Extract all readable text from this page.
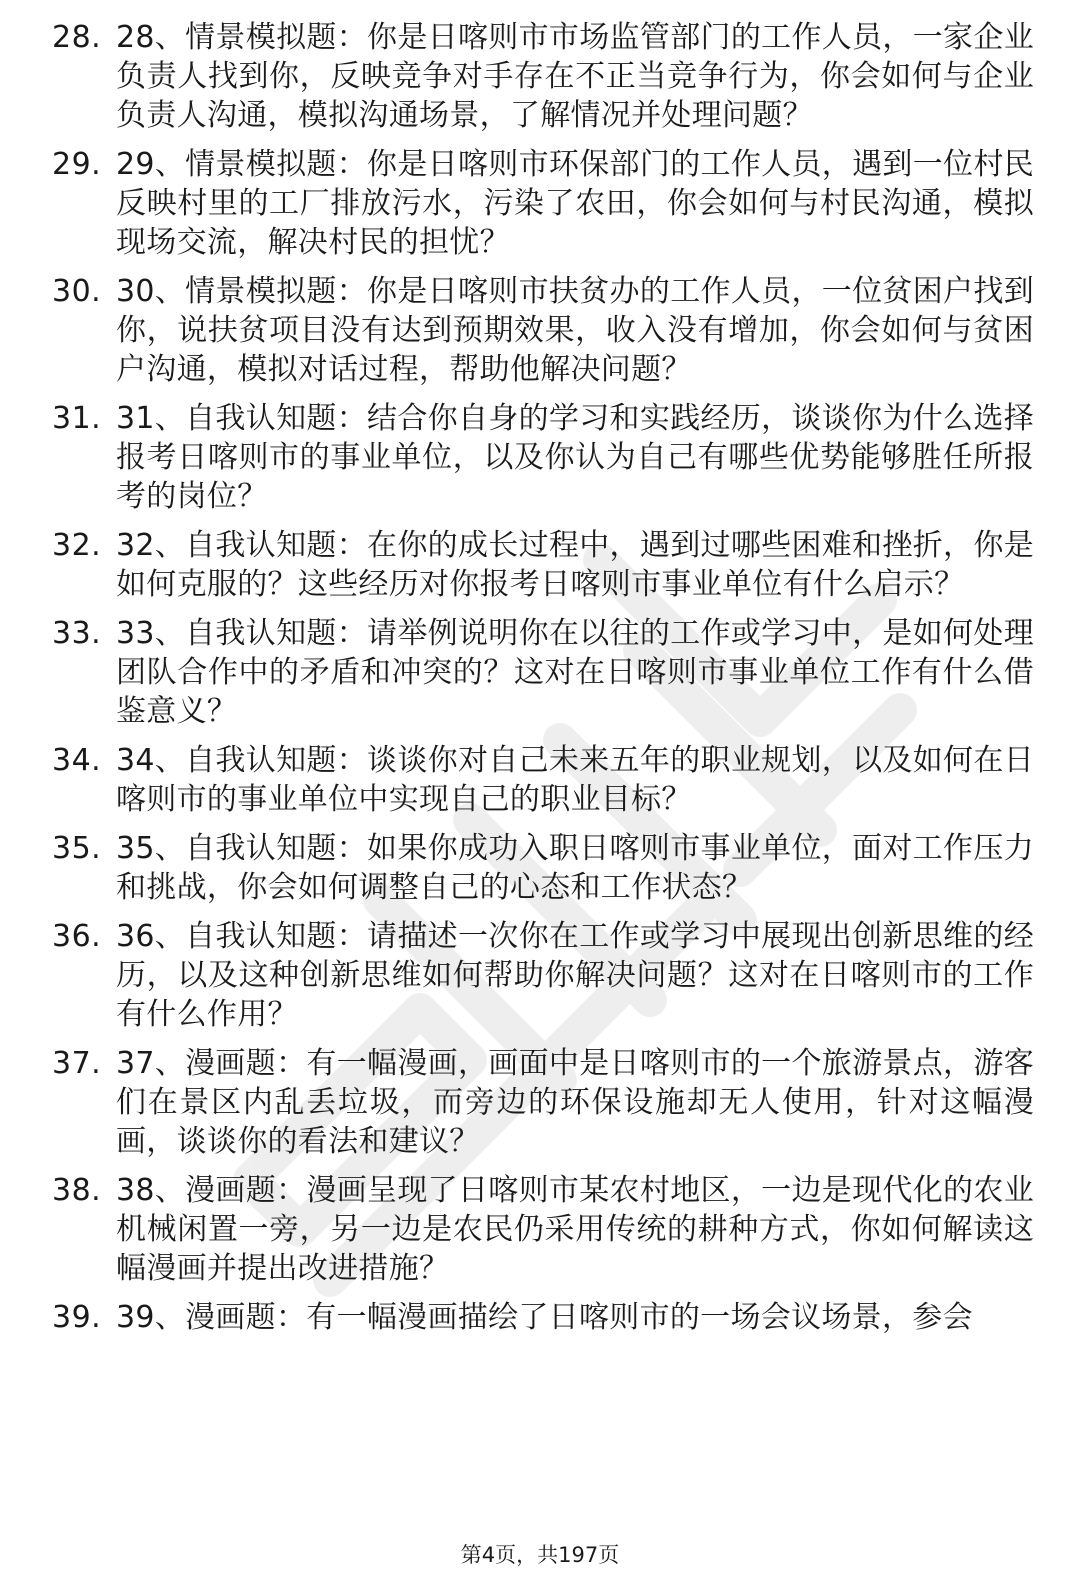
28. 28、情景模拟题：你是日喀则市市场监管部门的工作人员，一家企业负责人找到你，反映竞争对手存在不正当竞争行为，你会如何与企业负责人沟通，模拟沟通场景，了解情况并处理问题？
29. 29、情景模拟题：你是日喀则市环保部门的工作人员，遇到一位村民反映村里的工厂排放污水，污染了农田，你会如何与村民沟通，模拟现场交流，解决村民的担忧？
30. 30、情景模拟题：你是日喀则市扶贫办的工作人员，一位贫困户找到你，说扶贫项目没有达到预期效果，收入没有增加，你会如何与贫困户沟通，模拟对话过程，帮助他解决问题？
31. 31、自我认知题：结合你自身的学习和实践经历，谈谈你为什么选择报考日喀则市的事业单位，以及你认为自己有哪些优势能够胜任所报考的岗位？
32. 32、自我认知题：在你的成长过程中，遇到过哪些困难和挫折，你是如何克服的？这些经历对你报考日喀则市事业单位有什么启示？
33. 33、自我认知题：请举例说明你在以往的工作或学习中，是如何处理团队合作中的矛盾和冲突的？这对在日喀则市事业单位工作有什么借鉴意义？
34. 34、自我认知题：谈谈你对自己未来五年的职业规划，以及如何在日喀则市的事业单位中实现自己的职业目标？
35. 35、自我认知题：如果你成功入职日喀则市事业单位，面对工作压力和挑战，你会如何调整自己的心态和工作状态？
36. 36、自我认知题：请描述一次你在工作或学习中展现出创新思维的经历，以及这种创新思维如何帮助你解决问题？这对在日喀则市的工作有什么作用？
37. 37、漫画题：有一幅漫画，画面中是日喀则市的一个旅游景点，游客们在景区内乱丢垃圾，而旁边的环保设施却无人使用，针对这幅漫画，谈谈你的看法和建议？
38. 38、漫画题：漫画呈现了日喀则市某农村地区，一边是现代化的农业机械闲置一旁，另一边是农民仍采用传统的耕种方式，你如何解读这幅漫画并提出改进措施？
39. 39、漫画题：有一幅漫画描绘了日喀则市的一场会议场景，参会
第4页，共197页
